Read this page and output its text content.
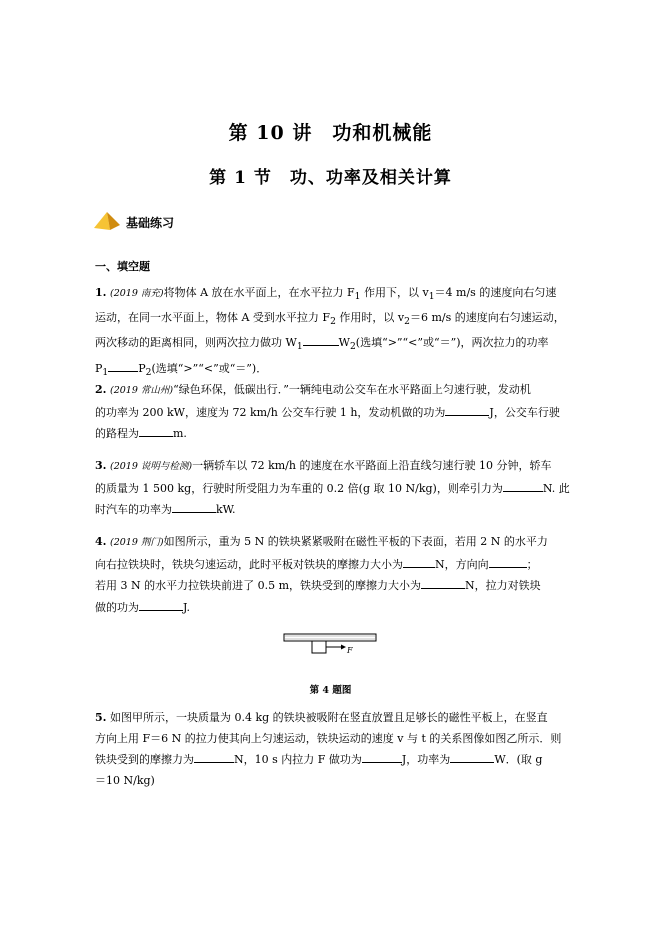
第 10 讲　功和机械能
第 1 节　功、功率及相关计算
基础练习
一、填空题

1. (2019 南充)将物体 A 放在水平面上，在水平拉力 $F_1$ 作用下，以 $v_1=4$ m/s 的速度向右匀速

运动，在同一水平面上，物体 A 受到水平拉力 $F_2$ 作用时，以 $v_2=6$ m/s 的速度向右匀速运动，

两次移动的距离相同，则两次拉力做功 $W_1$	$W_2$(选填“>”“<”或“＝”)，两次拉力的功率

$P_1$	$P_2$(选填“>”“<”或“＝”)．

2. (2019 常山州)“绿色环保，低碳出行．”一辆纯电动公交车在水平路面上匀速行驶，发动机

的功率为 200 kW，速度为 72 km/h 公交车行驶 1 h，发动机做的功为	J，公交车行驶

的路程为	m.

3. (2019 说明与检测)一辆轿车以 72 km/h 的速度在水平路面上沿直线匀速行驶 10 分钟，轿车

的质量为 1 500 kg，行驶时所受阻力为车重的 0.2 倍(g 取 10 N/kg)，则牵引力为	N. 此

时汽车的功率为	kW.

4. (2019 荆门)如图所示，重为 5 N 的铁块紧紧吸附在磁性平板的下表面，若用 2 N 的水平力

向右拉铁块时，铁块匀速运动，此时平板对铁块的摩擦力大小为	N，方向向	；

若用 3 N 的水平力拉铁块前进了 0.5 m，铁块受到的摩擦力大小为	N，拉力对铁块

做的功为	J.

F
第 4 题图

5. 如图甲所示，一块质量为 0.4 kg 的铁块被吸附在竖直放置且足够长的磁性平板上，在竖直

方向上用 F＝6 N 的拉力使其向上匀速运动，铁块运动的速度 v 与 t 的关系图像如图乙所示．则

铁块受到的摩擦力为	N，10 s 内拉力 F 做功为	J，功率为	W．(取 g

＝10 N/kg)
